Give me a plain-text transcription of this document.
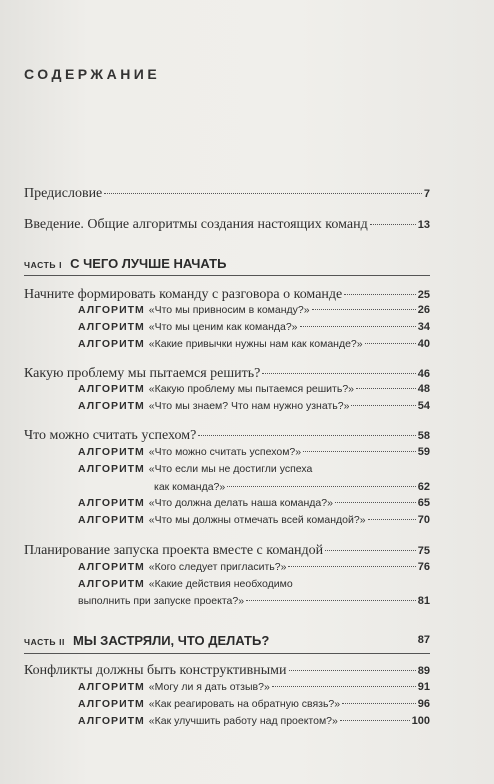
СОДЕРЖАНИЕ
Предисловие	7
Введение. Общие алгоритмы создания настоящих команд	13
ЧАСТЬ I С ЧЕГО ЛУЧШЕ НАЧАТЬ
Начните формировать команду с разговора о команде	25
АЛГОРИТМ «Что мы привносим в команду?»	26
АЛГОРИТМ «Что мы ценим как команда?»	34
АЛГОРИТМ «Какие привычки нужны нам как команде?»	40
Какую проблему мы пытаемся решить?	46
АЛГОРИТМ «Какую проблему мы пытаемся решить?»	48
АЛГОРИТМ «Что мы знаем? Что нам нужно узнать?»	54
Что можно считать успехом?	58
АЛГОРИТМ «Что можно считать успехом?»	59
АЛГОРИТМ «Что если мы не достигли успеха
как команда?»	62
АЛГОРИТМ «Что должна делать наша команда?»	65
АЛГОРИТМ «Что мы должны отмечать всей командой?»	70
Планирование запуска проекта вместе с командой	75
АЛГОРИТМ «Кого следует пригласить?»	76
АЛГОРИТМ «Какие действия необходимо
выполнить при запуске проекта?»	81
ЧАСТЬ II МЫ ЗАСТРЯЛИ, ЧТО ДЕЛАТЬ?	87
Конфликты должны быть конструктивными	89
АЛГОРИТМ «Могу ли я дать отзыв?»	91
АЛГОРИТМ «Как реагировать на обратную связь?»	96
АЛГОРИТМ «Как улучшить работу над проектом?»	100
